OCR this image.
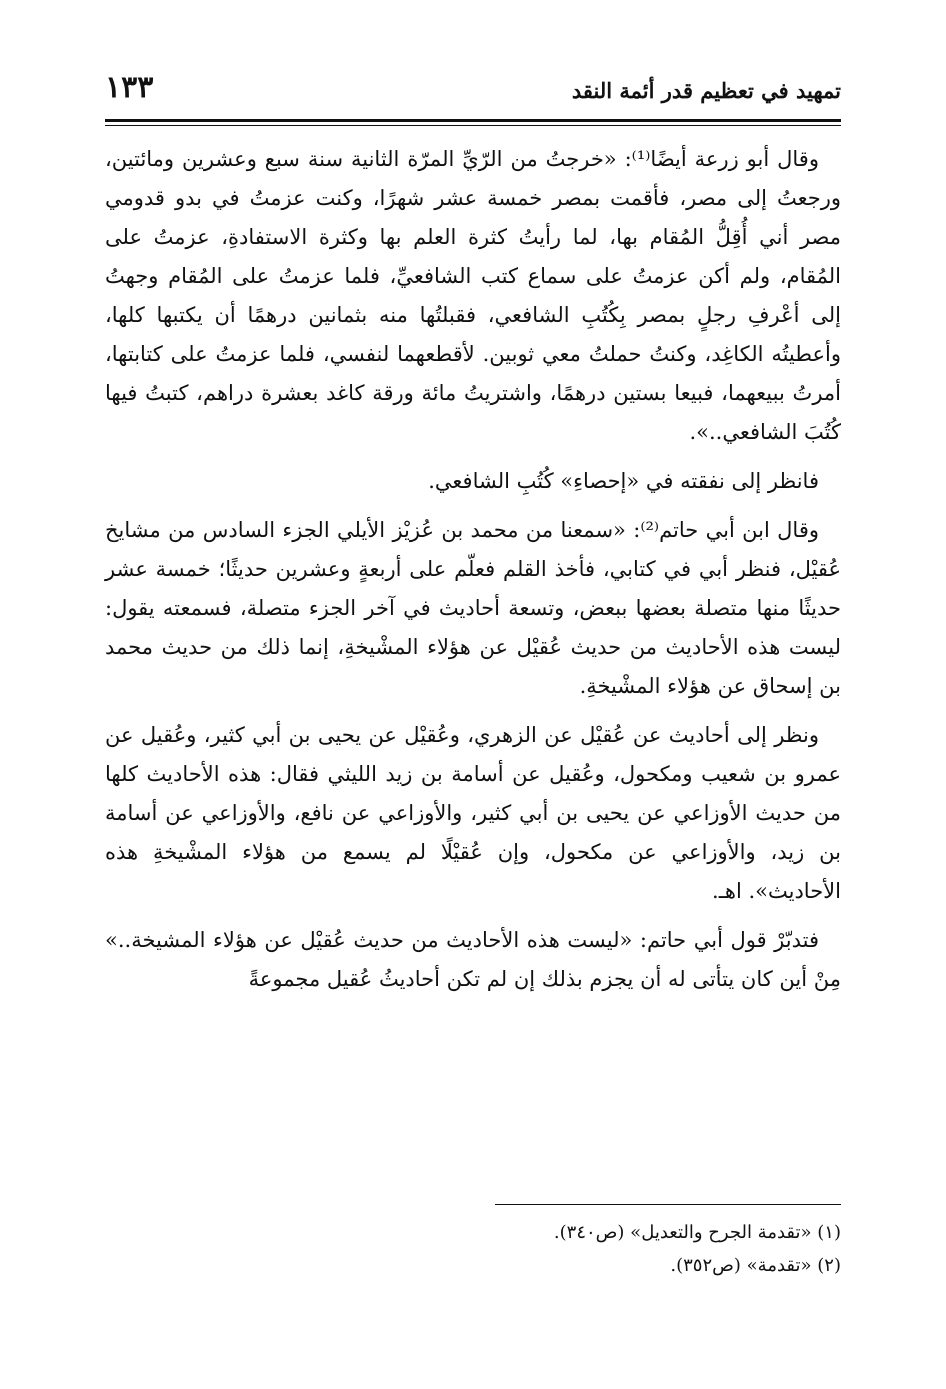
١٣٣	تمهيد في تعظيم قدر أئمة النقد

وقال أبو زرعة أيضًا⁽¹⁾: «خرجتُ من الرّيِّ المرّة الثانية سنة سبع وعشرين ومائتين، ورجعتُ إلى مصر، فأقمت بمصر خمسة عشر شهرًا، وكنت عزمتُ في بدو قدومي مصر أني أُقِلُّ المُقام بها، لما رأيتُ كثرة العلم بها وكثرة الاستفادةِ، عزمتُ على المُقام، ولم أكن عزمتُ على سماع كتب الشافعيِّ، فلما عزمتُ على المُقام وجهتُ إلى أعْرفِ رجلٍ بمصر بِكُتُبِ الشافعي، فقبلتُها منه بثمانين درهمًا أن يكتبها كلها، وأعطيتُه الكاغِد، وكنتُ حملتُ معي ثوبين. لأقطعهما لنفسي، فلما عزمتُ على كتابتها، أمرتُ ببيعهما، فبيعا بستين درهمًا، واشتريتُ مائة ورقة كاغد بعشرة دراهم، كتبتُ فيها كُتُبَ الشافعي..».

فانظر إلى نفقته في «إحصاءِ» كُتُبِ الشافعي.

وقال ابن أبي حاتم⁽²⁾: «سمعنا من محمد بن عُزيْز الأيلي الجزء السادس من مشايخ عُقيْل، فنظر أبي في كتابي، فأخذ القلم فعلّم على أربعةٍ وعشرين حديثًا؛ خمسة عشر حديثًا منها متصلة بعضها ببعض، وتسعة أحاديث في آخر الجزء متصلة، فسمعته يقول: ليست هذه الأحاديث من حديث عُقيْل عن هؤلاء المشْيخةِ، إنما ذلك من حديث محمد بن إسحاق عن هؤلاء المشْيخةِ.

ونظر إلى أحاديث عن عُقيْل عن الزهري، وعُقيْل عن يحيى بن أبي كثير، وعُقيل عن عمرو بن شعيب ومكحول، وعُقيل عن أسامة بن زيد الليثي فقال: هذه الأحاديث كلها من حديث الأوزاعي عن يحيى بن أبي كثير، والأوزاعي عن نافع، والأوزاعي عن أسامة بن زيد، والأوزاعي عن مكحول، وإن عُقيْلًا لم يسمع من هؤلاء المشْيخةِ هذه الأحاديث». اهـ.

فتدبّرْ قول أبي حاتم: «ليست هذه الأحاديث من حديث عُقيْل عن هؤلاء المشيخة..» مِنْ أين كان يتأتى له أن يجزم بذلك إن لم تكن أحاديثُ عُقيل مجموعةً

(١) «تقدمة الجرح والتعديل» (ص٣٤٠).
(٢) «تقدمة» (ص٣٥٢).
